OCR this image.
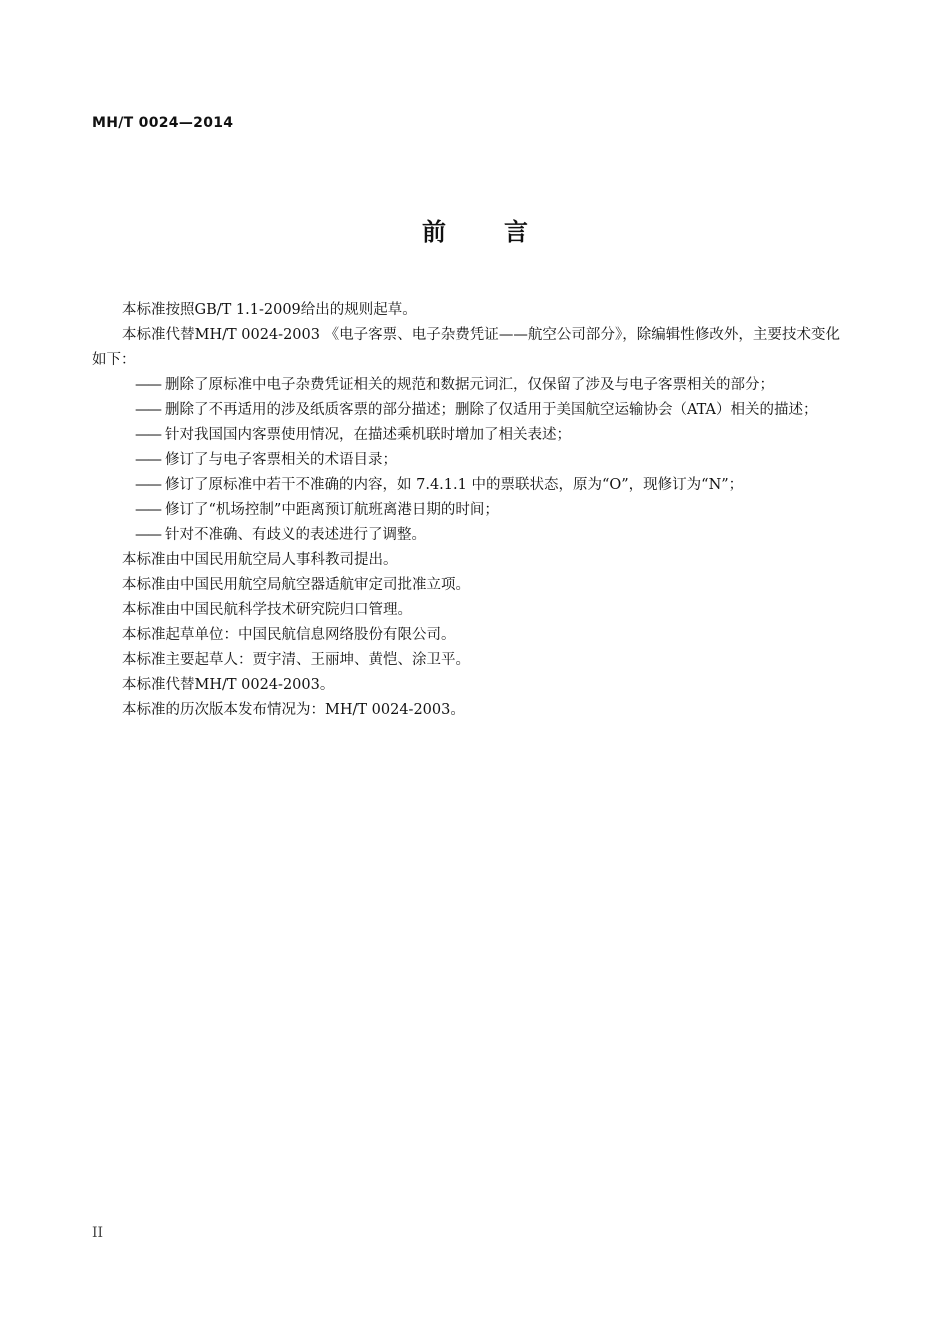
MH/T 0024—2014
前言

本标准按照GB/T 1.1-2009给出的规则起草。

本标准代替MH/T 0024-2003 《电子客票、电子杂费凭证——航空公司部分》，除编辑性修改外，主要技术变化如下：

—— 删除了原标准中电子杂费凭证相关的规范和数据元词汇，仅保留了涉及与电子客票相关的部分；
—— 删除了不再适用的涉及纸质客票的部分描述；删除了仅适用于美国航空运输协会（ATA）相关的描述；
—— 针对我国国内客票使用情况，在描述乘机联时增加了相关表述；
—— 修订了与电子客票相关的术语目录；
—— 修订了原标准中若干不准确的内容，如 7.4.1.1 中的票联状态，原为“O”，现修订为“N”；
—— 修订了“机场控制”中距离预订航班离港日期的时间；
—— 针对不准确、有歧义的表述进行了调整。

本标准由中国民用航空局人事科教司提出。

本标准由中国民用航空局航空器适航审定司批准立项。

本标准由中国民航科学技术研究院归口管理。

本标准起草单位：中国民航信息网络股份有限公司。

本标准主要起草人：贾宇清、王丽坤、黄恺、涂卫平。

本标准代替MH/T 0024-2003。

本标准的历次版本发布情况为：MH/T 0024-2003。

II
